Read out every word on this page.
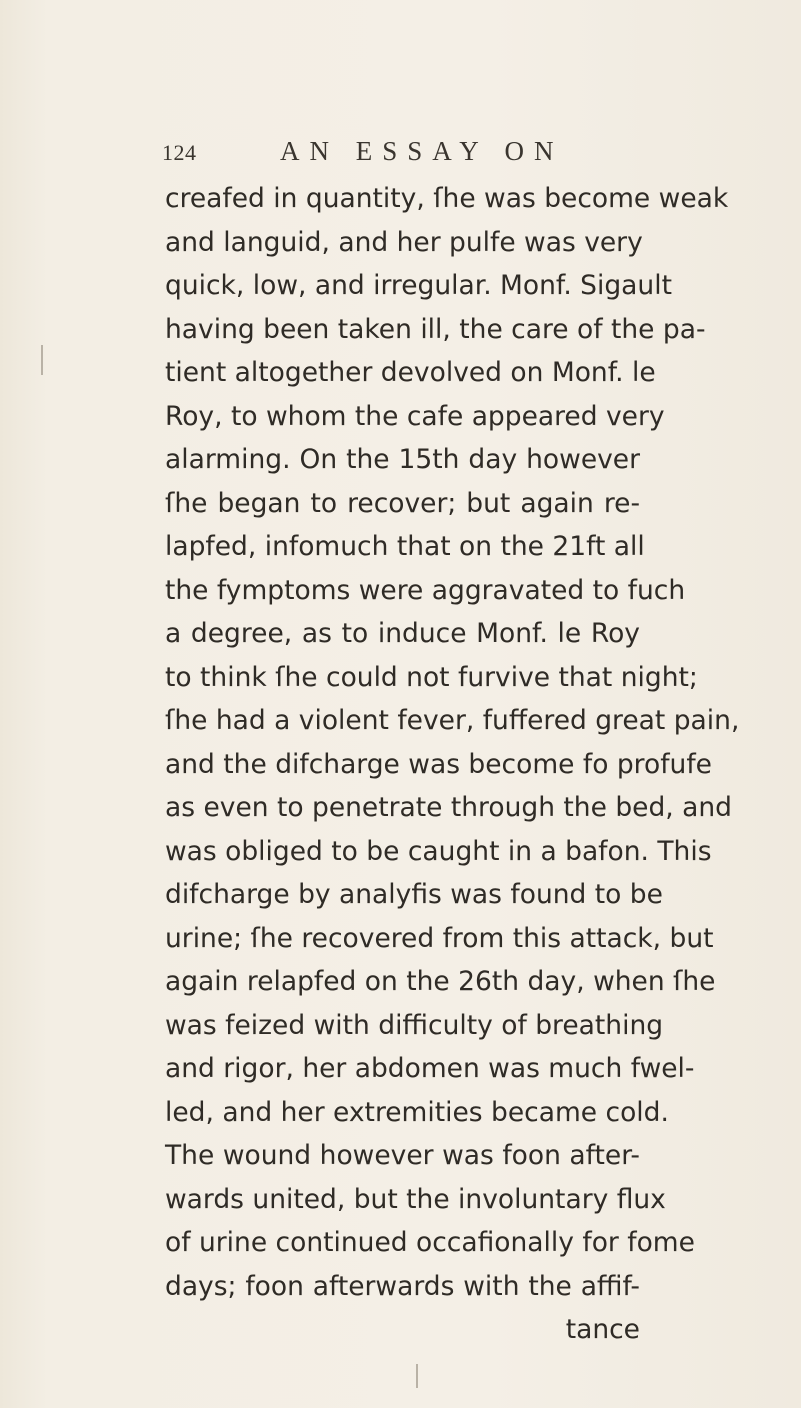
124	AN ESSAY ON
creafed in quantity, ſhe was become weak
and languid, and her pulfe was very
quick, low, and irregular. Monf. Sigault
having been taken ill, the care of the pa-
tient altogether devolved on Monf. le
Roy, to whom the cafe appeared very
alarming. On the 15th day however
ſhe began to recover; but again re-
lapfed, infomuch that on the 21ft all
the fymptoms were aggravated to fuch
a degree, as to induce Monf. le Roy
to think ſhe could not furvive that night;
ſhe had a violent fever, fuffered great pain,
and the difcharge was become fo profufe
as even to penetrate through the bed, and
was obliged to be caught in a bafon. This
difcharge by analyfis was found to be
urine; ſhe recovered from this attack, but
again relapfed on the 26th day, when ſhe
was feized with difficulty of breathing
and rigor, her abdomen was much fwel-
led, and her extremities became cold.
The wound however was foon after-
wards united, but the involuntary flux
of urine continued occafionally for fome
days; foon afterwards with the affif-
tance
